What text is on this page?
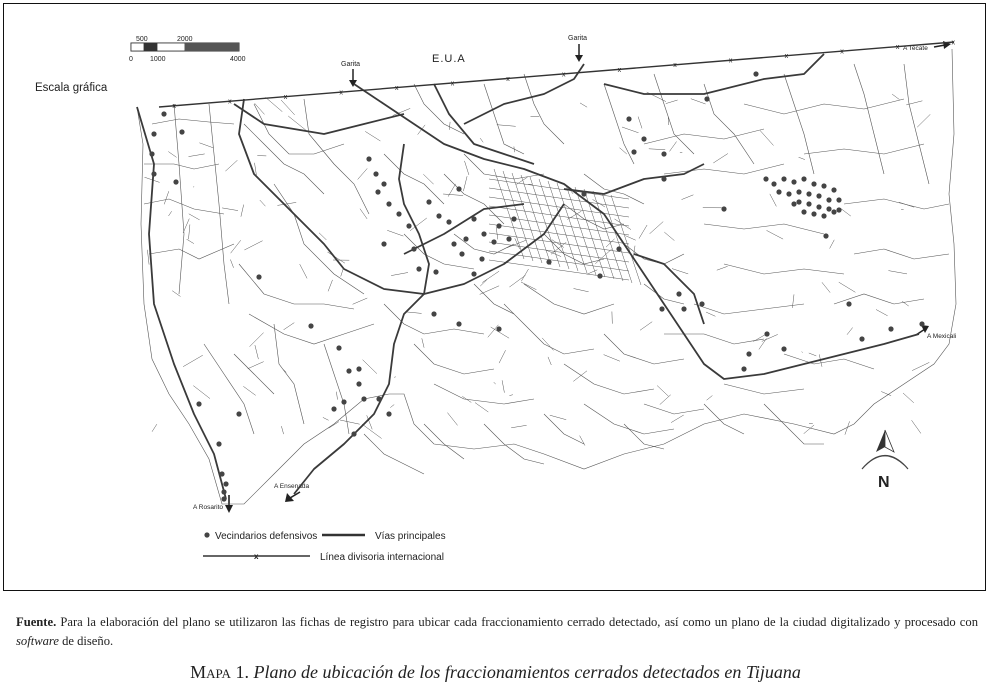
0
500
1000
2000
4000
Escala gráfica
E.U.A
Garita
Garita
A Tecate
A Mexicali
A Rosarito
A Ensenada	N
x
x
x
x
x
x
x
x
x
x
x
x
x
x
x
Vecindarios defensivos	Vías principales
x	Línea divisoria internacional

Fuente. Para la elaboración del plano se utilizaron las fichas de registro para ubicar cada fraccionamiento cerrado detectado, así como un plano de la ciudad digitalizado y procesado con software de diseño.

Mapa 1. Plano de ubicación de los fraccionamientos cerrados detectados en Tijuana
